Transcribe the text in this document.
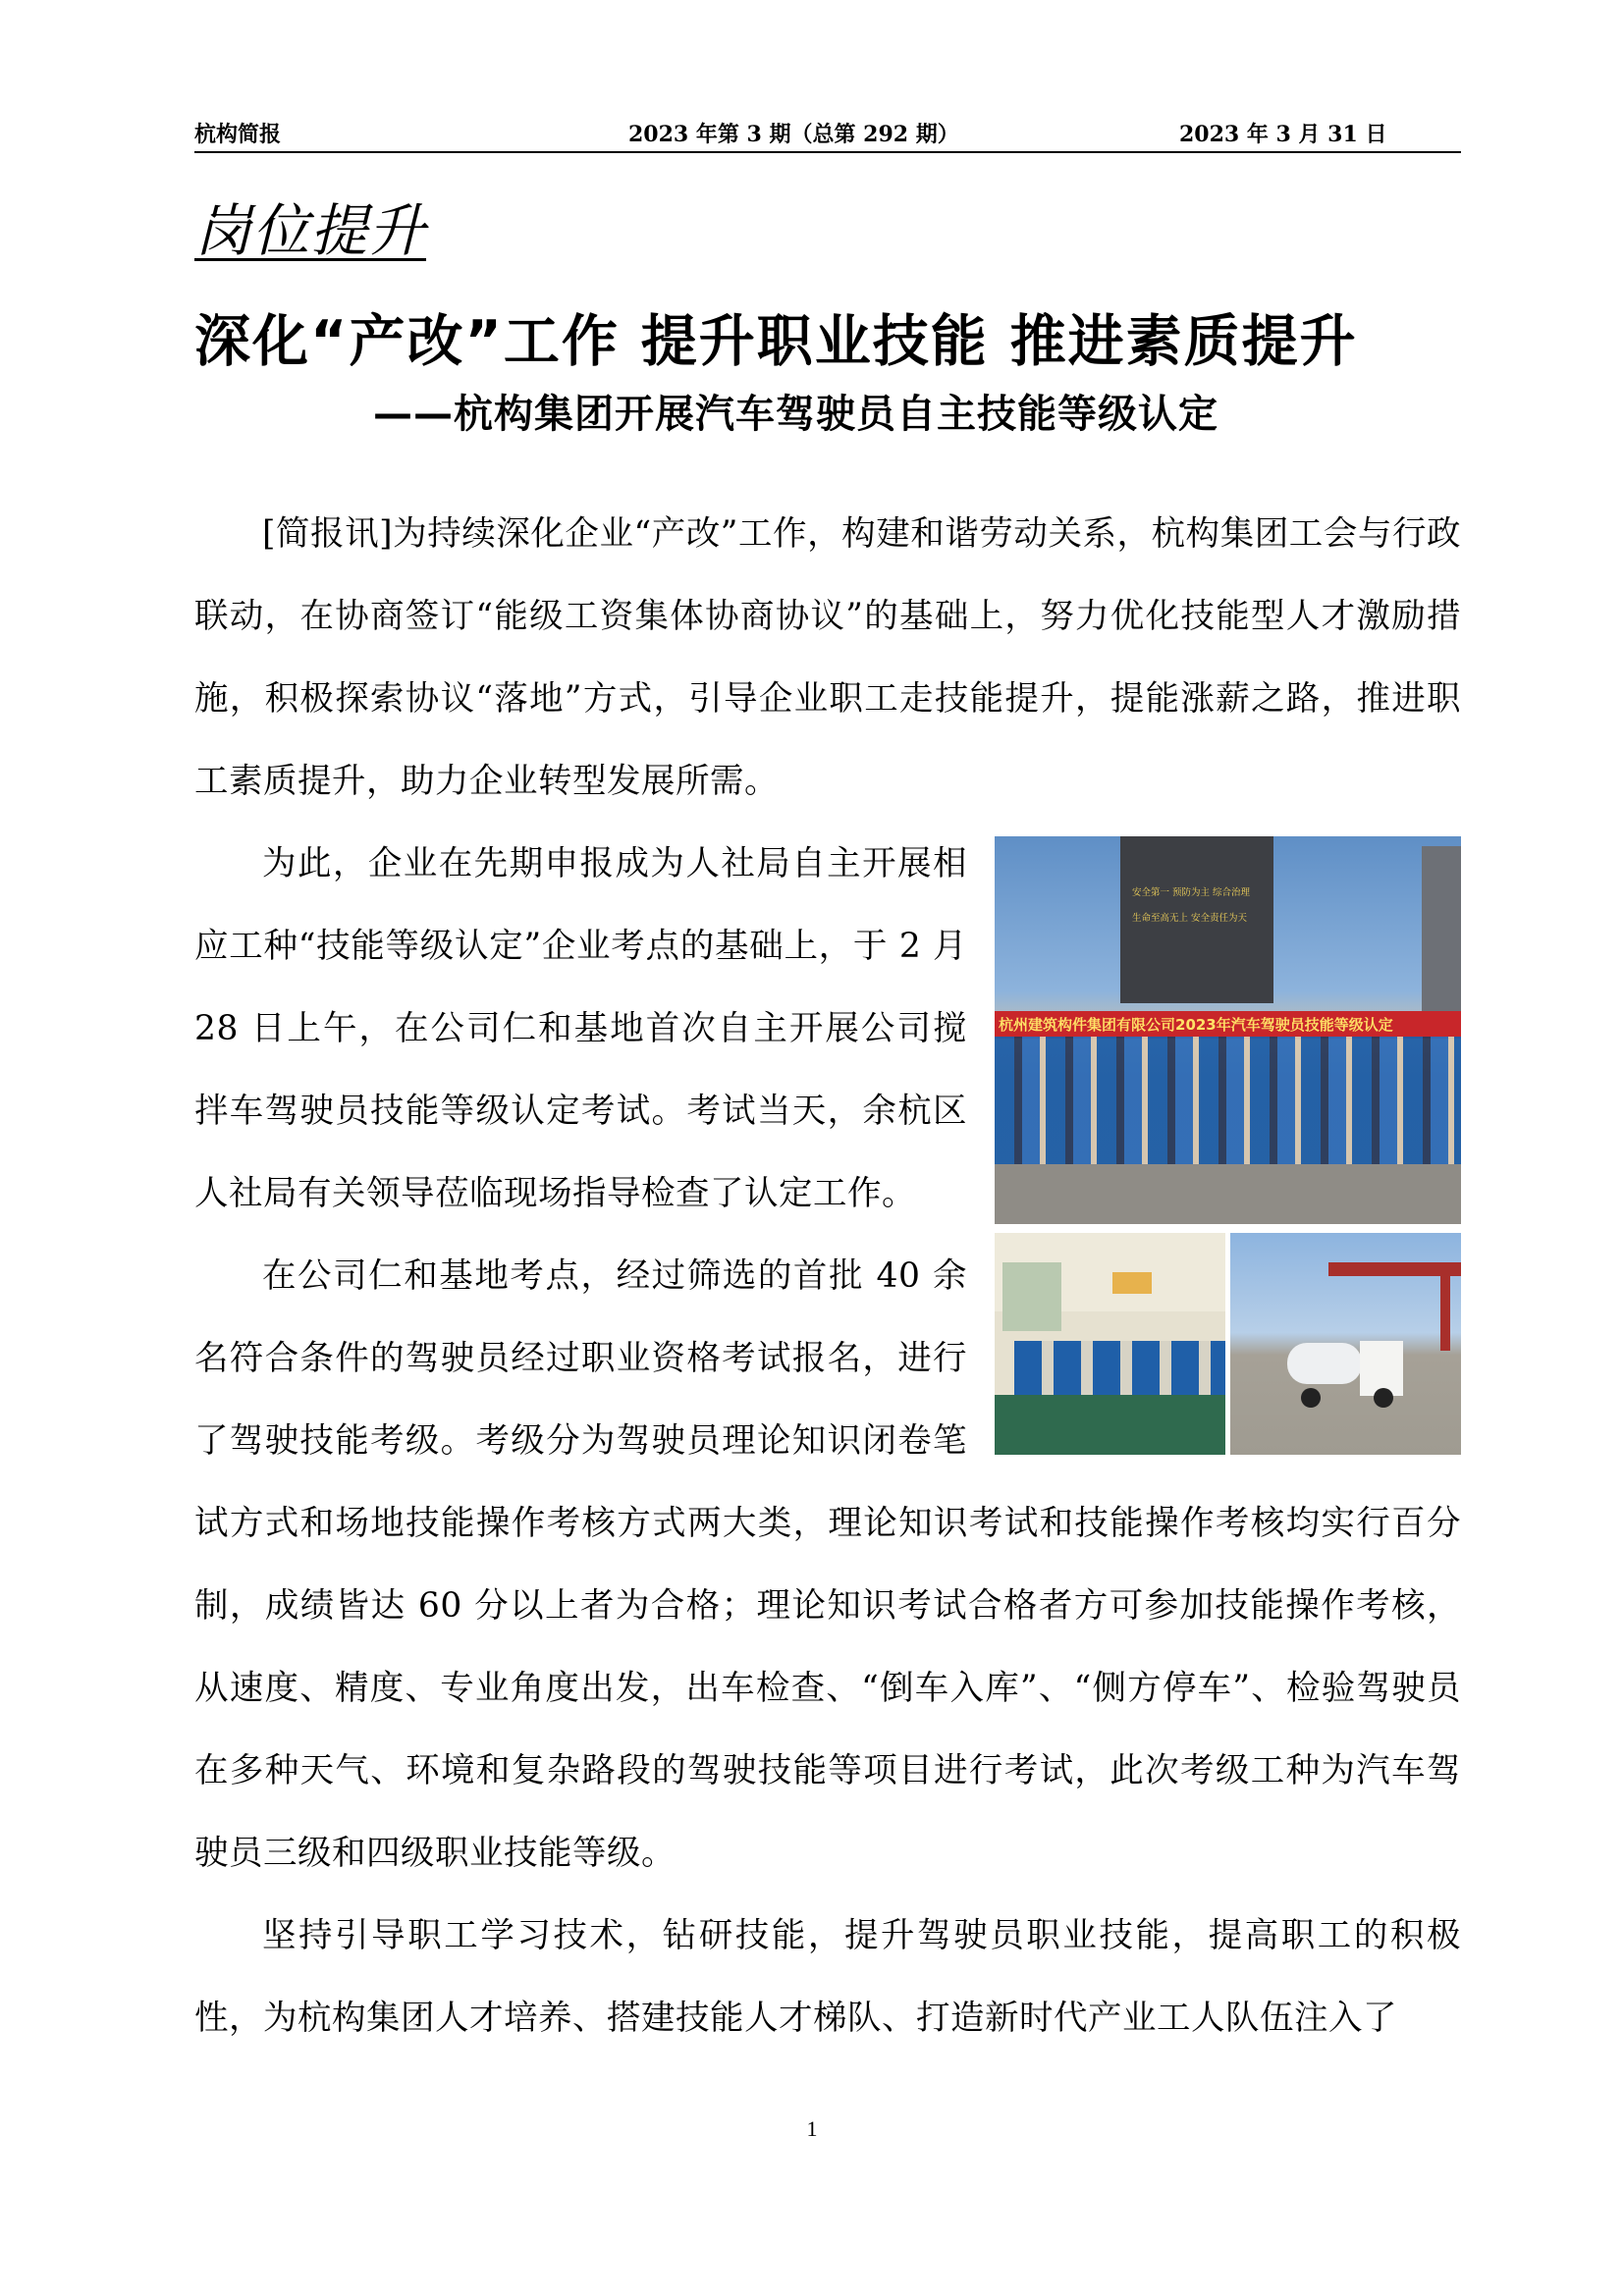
杭构简报	2023 年第 3 期（总第 292 期）	2023 年 3 月 31 日
岗位提升
深化“产改”工作 提升职业技能 推进素质提升
——杭构集团开展汽车驾驶员自主技能等级认定

[简报讯]为持续深化企业“产改”工作，构建和谐劳动关系，杭构集团工会与行政联动，在协商签订“能级工资集体协商协议”的基础上，努力优化技能型人才激励措施，积极探索协议“落地”方式，引导企业职工走技能提升，提能涨薪之路，推进职工素质提升，助力企业转型发展所需。

安全第一 预防为主 综合治理
生命至高无上 安全责任为天
杭州建筑构件集团有限公司2023年汽车驾驶员技能等级认定

为此，企业在先期申报成为人社局自主开展相应工种“技能等级认定”企业考点的基础上，于 2 月 28 日上午，在公司仁和基地首次自主开展公司搅拌车驾驶员技能等级认定考试。考试当天，余杭区人社局有关领导莅临现场指导检查了认定工作。

在公司仁和基地考点，经过筛选的首批 40 余名符合条件的驾驶员经过职业资格考试报名，进行了驾驶技能考级。考级分为驾驶员理论知识闭卷笔试方式和场地技能操作考核方式两大类，理论知识考试和技能操作考核均实行百分制，成绩皆达 60 分以上者为合格；理论知识考试合格者方可参加技能操作考核，从速度、精度、专业角度出发，出车检查、“倒车入库”、“侧方停车”、检验驾驶员在多种天气、环境和复杂路段的驾驶技能等项目进行考试，此次考级工种为汽车驾驶员三级和四级职业技能等级。

坚持引导职工学习技术，钻研技能，提升驾驶员职业技能，提高职工的积极性，为杭构集团人才培养、搭建技能人才梯队、打造新时代产业工人队伍注入了

1
